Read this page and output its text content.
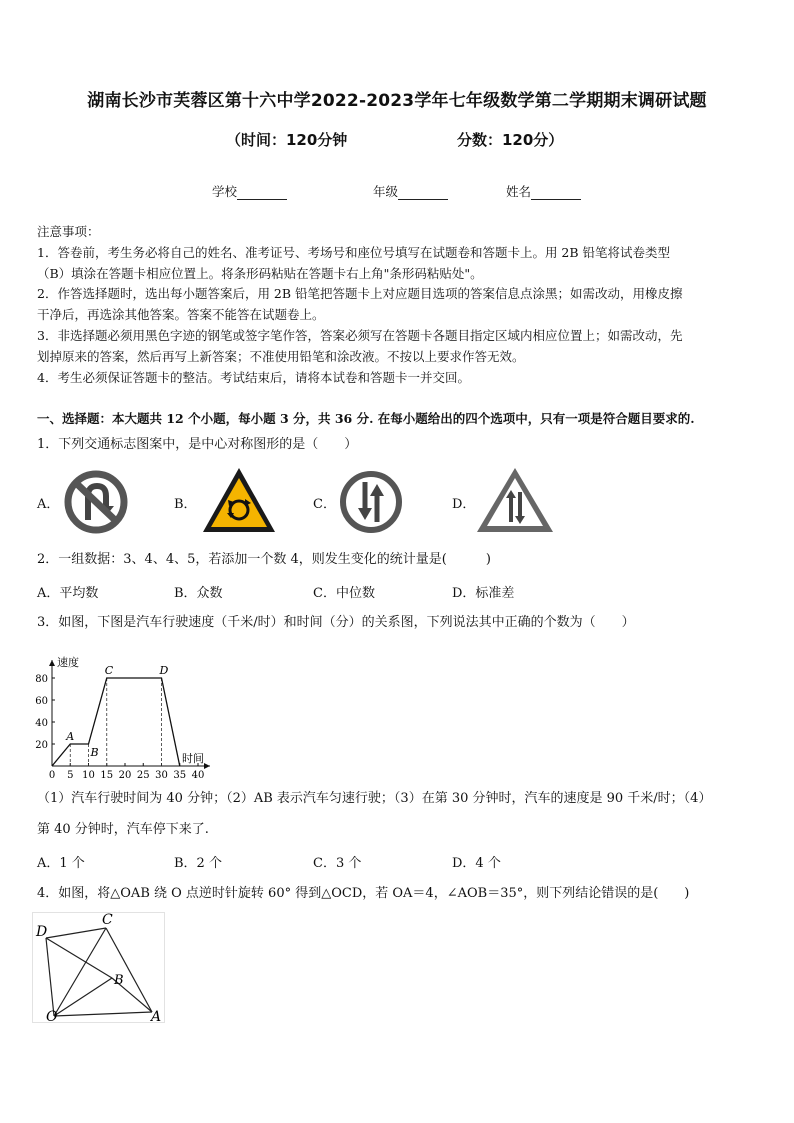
湖南长沙市芙蓉区第十六中学2022-2023学年七年级数学第二学期期末调研试题
（时间：120分钟	分数：120分）
学校	年级	姓名

注意事项：

1．答卷前，考生务必将自己的姓名、准考证号、考场号和座位号填写在试题卷和答题卡上。用 2B 铅笔将试卷类型

（B）填涂在答题卡相应位置上。将条形码粘贴在答题卡右上角"条形码粘贴处"。

2．作答选择题时，选出每小题答案后，用 2B 铅笔把答题卡上对应题目选项的答案信息点涂黑；如需改动，用橡皮擦

干净后，再选涂其他答案。答案不能答在试题卷上。

3．非选择题必须用黑色字迹的钢笔或签字笔作答，答案必须写在答题卡各题目指定区域内相应位置上；如需改动，先

划掉原来的答案，然后再写上新答案；不准使用铅笔和涂改液。不按以上要求作答无效。

4．考生必须保证答题卡的整洁。考试结束后，请将本试卷和答题卡一并交回。

一、选择题：本大题共 12 个小题，每小题 3 分，共 36 分. 在每小题给出的四个选项中，只有一项是符合题目要求的.
1．下列交通标志图案中，是中心对称图形的是（　　）
A．	B．	C．	D．
2．一组数据：3、4、4、5，若添加一个数 4，则发生变化的统计量是(　　　)
A．平均数	B．众数	C．中位数	D．标准差
3．如图，下图是汽车行驶速度（千米/时）和时间（分）的关系图，下列说法其中正确的个数为（　　）
速度
时间
0 5 10 15 20 25 30 35 40
20
40
60
80
A
B
C	D
（1）汽车行驶时间为 40 分钟；（2）AB 表示汽车匀速行驶；（3）在第 30 分钟时，汽车的速度是 90 千米/时；（4）
第 40 分钟时，汽车停下来了.
A．1 个	B．2 个	C．3 个	D．4 个
4．如图，将△OAB 绕 O 点逆时针旋转 60° 得到△OCD，若 OA＝4，∠AOB＝35°，则下列结论错误的是(　　)
D
C
B
O	A
